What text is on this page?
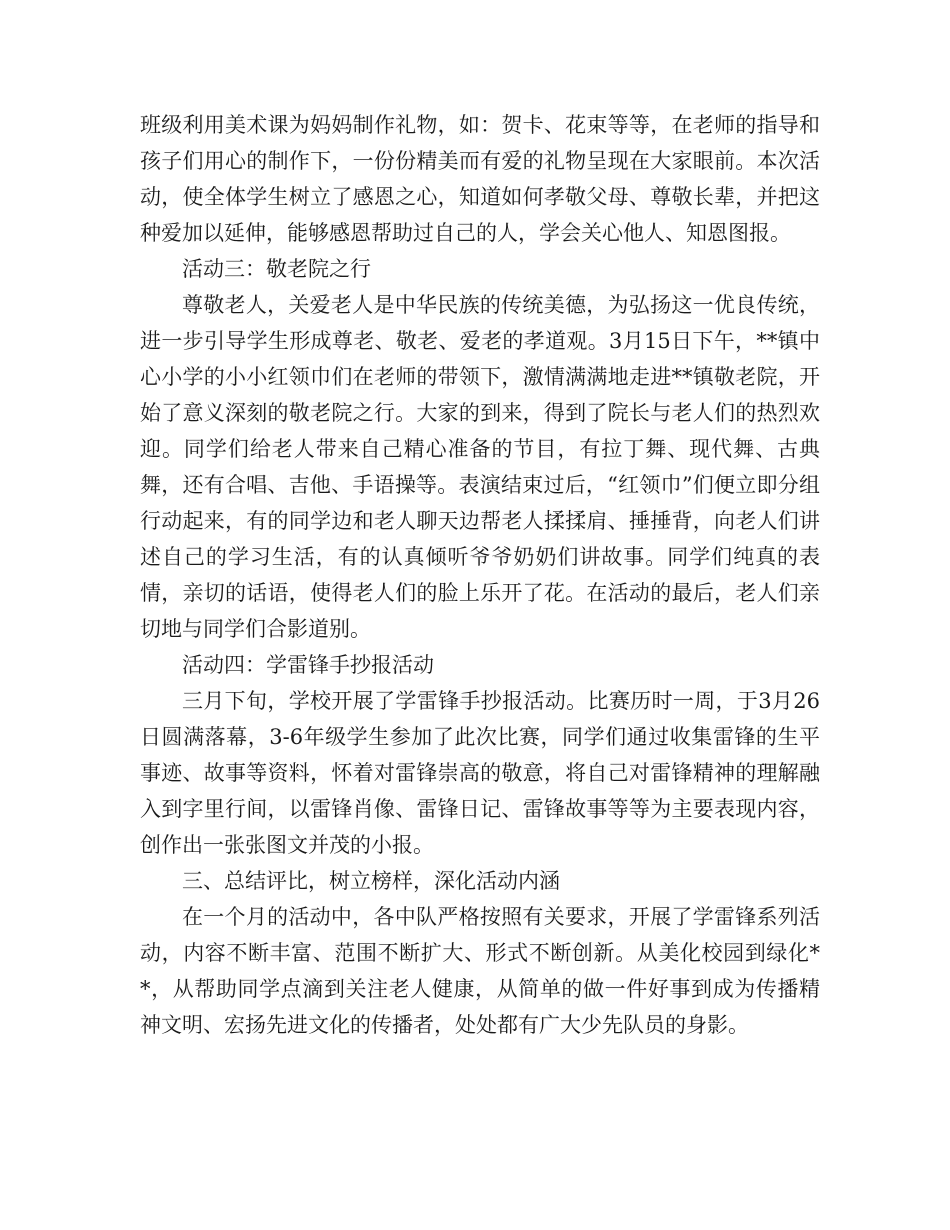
班级利用美术课为妈妈制作礼物，如：贺卡、花束等等，在老师的指导和孩子们用心的制作下，一份份精美而有爱的礼物呈现在大家眼前。本次活动，使全体学生树立了感恩之心，知道如何孝敬父母、尊敬长辈，并把这种爱加以延伸，能够感恩帮助过自己的人，学会关心他人、知恩图报。

活动三：敬老院之行

尊敬老人，关爱老人是中华民族的传统美德，为弘扬这一优良传统，进一步引导学生形成尊老、敬老、爱老的孝道观。3月15日下午，**镇中心小学的小小红领巾们在老师的带领下，激情满满地走进**镇敬老院，开始了意义深刻的敬老院之行。大家的到来，得到了院长与老人们的热烈欢迎。同学们给老人带来自己精心准备的节目，有拉丁舞、现代舞、古典舞，还有合唱、吉他、手语操等。表演结束过后，“红领巾”们便立即分组行动起来，有的同学边和老人聊天边帮老人揉揉肩、捶捶背，向老人们讲述自己的学习生活，有的认真倾听爷爷奶奶们讲故事。同学们纯真的表情，亲切的话语，使得老人们的脸上乐开了花。在活动的最后，老人们亲切地与同学们合影道别。

活动四：学雷锋手抄报活动

三月下旬，学校开展了学雷锋手抄报活动。比赛历时一周，于3月26日圆满落幕，3-6年级学生参加了此次比赛，同学们通过收集雷锋的生平事迹、故事等资料，怀着对雷锋崇高的敬意，将自己对雷锋精神的理解融入到字里行间，以雷锋肖像、雷锋日记、雷锋故事等等为主要表现内容，创作出一张张图文并茂的小报。

三、总结评比，树立榜样，深化活动内涵

在一个月的活动中，各中队严格按照有关要求，开展了学雷锋系列活动，内容不断丰富、范围不断扩大、形式不断创新。从美化校园到绿化**，从帮助同学点滴到关注老人健康，从简单的做一件好事到成为传播精神文明、宏扬先进文化的传播者，处处都有广大少先队员的身影。
